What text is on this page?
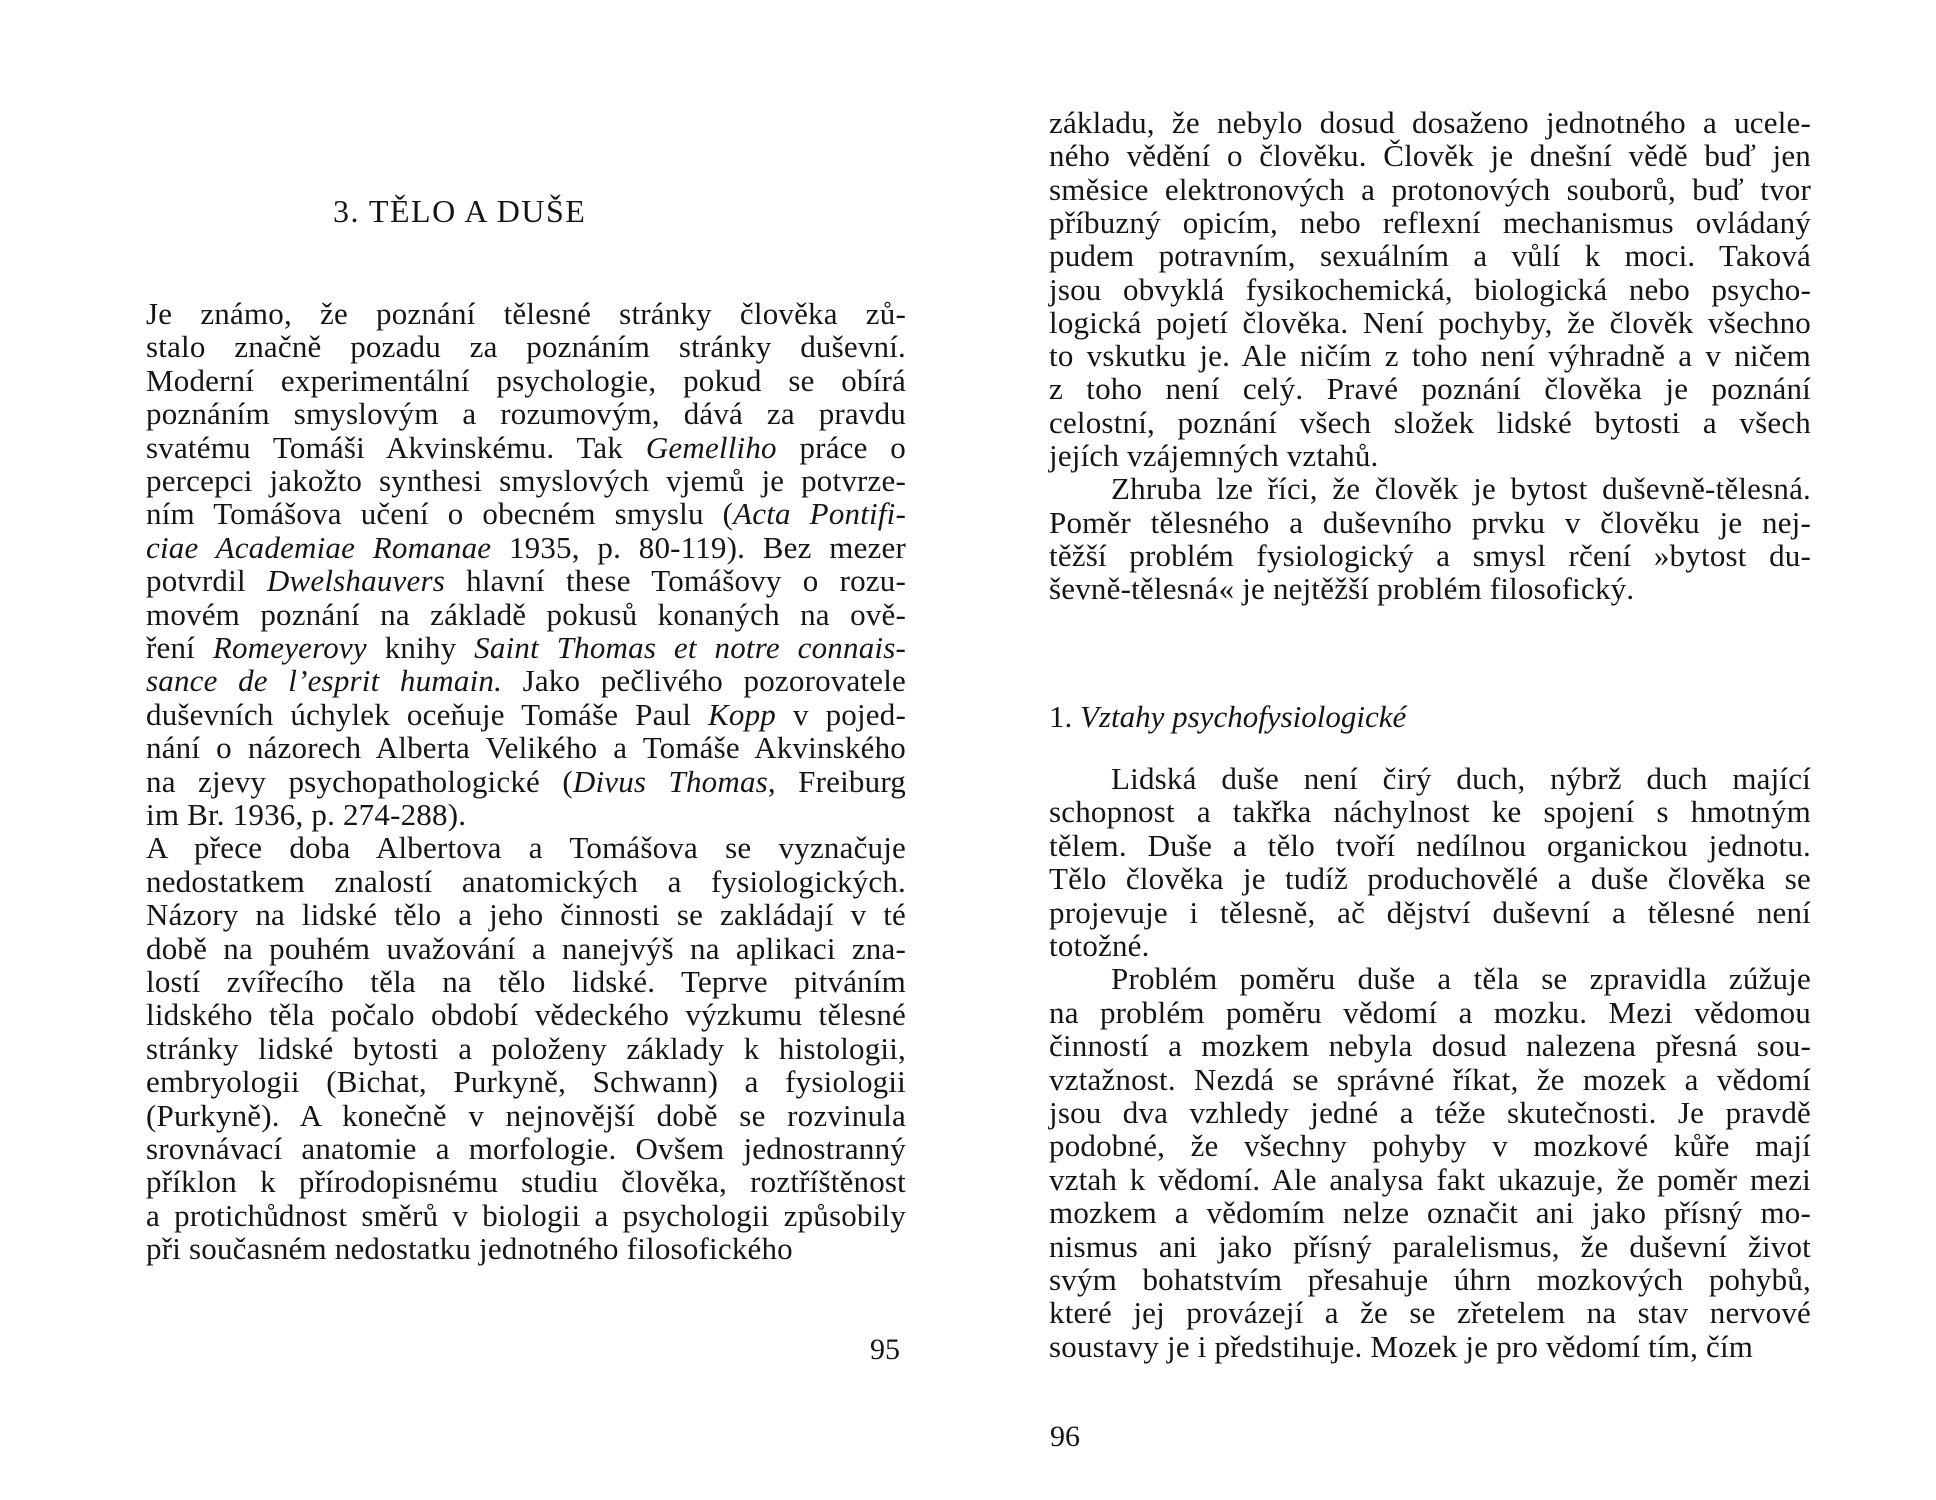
3. TĚLO A DUŠE
Je známo, že poznání tělesné stránky člověka zů-
stalo značně pozadu za poznáním stránky duševní.
Moderní experimentální psychologie, pokud se obírá
poznáním smyslovým a rozumovým, dává za pravdu
svatému Tomáši Akvinskému. Tak Gemelliho práce o
percepci jakožto synthesi smyslových vjemů je potvrze-
ním Tomášova učení o obecném smyslu (Acta Pontifi-
ciae Academiae Romanae 1935, p. 80-119). Bez mezer
potvrdil Dwelshauvers hlavní these Tomášovy o rozu-
movém poznání na základě pokusů konaných na ově-
ření Romeyerovy knihy Saint Thomas et notre connais-
sance de l’esprit humain. Jako pečlivého pozorovatele
duševních úchylek oceňuje Tomáše Paul Kopp v pojed-
nání o názorech Alberta Velikého a Tomáše Akvinského
na zjevy psychopathologické (Divus Thomas, Freiburg
im Br. 1936, p. 274-288).
A přece doba Albertova a Tomášova se vyznačuje
nedostatkem znalostí anatomických a fysiologických.
Názory na lidské tělo a jeho činnosti se zakládají v té
době na pouhém uvažování a nanejvýš na aplikaci zna-
lostí zvířecího těla na tělo lidské. Teprve pitváním
lidského těla počalo období vědeckého výzkumu tělesné
stránky lidské bytosti a položeny základy k histologii,
embryologii (Bichat, Purkyně, Schwann) a fysiologii
(Purkyně). A konečně v nejnovější době se rozvinula
srovnávací anatomie a morfologie. Ovšem jednostranný
příklon k přírodopisnému studiu člověka, roztříštěnost
a protichůdnost směrů v biologii a psychologii způsobily
při současném nedostatku jednotného filosofického
95
základu, že nebylo dosud dosaženo jednotného a ucele-
ného vědění o člověku. Člověk je dnešní vědě buď jen
směsice elektronových a protonových souborů, buď tvor
příbuzný opicím, nebo reflexní mechanismus ovládaný
pudem potravním, sexuálním a vůlí k moci. Taková
jsou obvyklá fysikochemická, biologická nebo psycho-
logická pojetí člověka. Není pochyby, že člověk všechno
to vskutku je. Ale ničím z toho není výhradně a v ničem
z toho není celý. Pravé poznání člověka je poznání
celostní, poznání všech složek lidské bytosti a všech
jejích vzájemných vztahů.
Zhruba lze říci, že člověk je bytost duševně-tělesná.
Poměr tělesného a duševního prvku v člověku je nej-
těžší problém fysiologický a smysl rčení »bytost du-
ševně-tělesná« je nejtěžší problém filosofický.
1. Vztahy psychofysiologické
Lidská duše není čirý duch, nýbrž duch mající
schopnost a takřka náchylnost ke spojení s hmotným
tělem. Duše a tělo tvoří nedílnou organickou jednotu.
Tělo člověka je tudíž produchovělé a duše člověka se
projevuje i tělesně, ač dějství duševní a tělesné není
totožné.
Problém poměru duše a těla se zpravidla zúžuje
na problém poměru vědomí a mozku. Mezi vědomou
činností a mozkem nebyla dosud nalezena přesná sou-
vztažnost. Nezdá se správné říkat, že mozek a vědomí
jsou dva vzhledy jedné a téže skutečnosti. Je pravdě
podobné, že všechny pohyby v mozkové kůře mají
vztah k vědomí. Ale analysa fakt ukazuje, že poměr mezi
mozkem a vědomím nelze označit ani jako přísný mo-
nismus ani jako přísný paralelismus, že duševní život
svým bohatstvím přesahuje úhrn mozkových pohybů,
které jej provázejí a že se zřetelem na stav nervové
soustavy je i předstihuje. Mozek je pro vědomí tím, čím
96
